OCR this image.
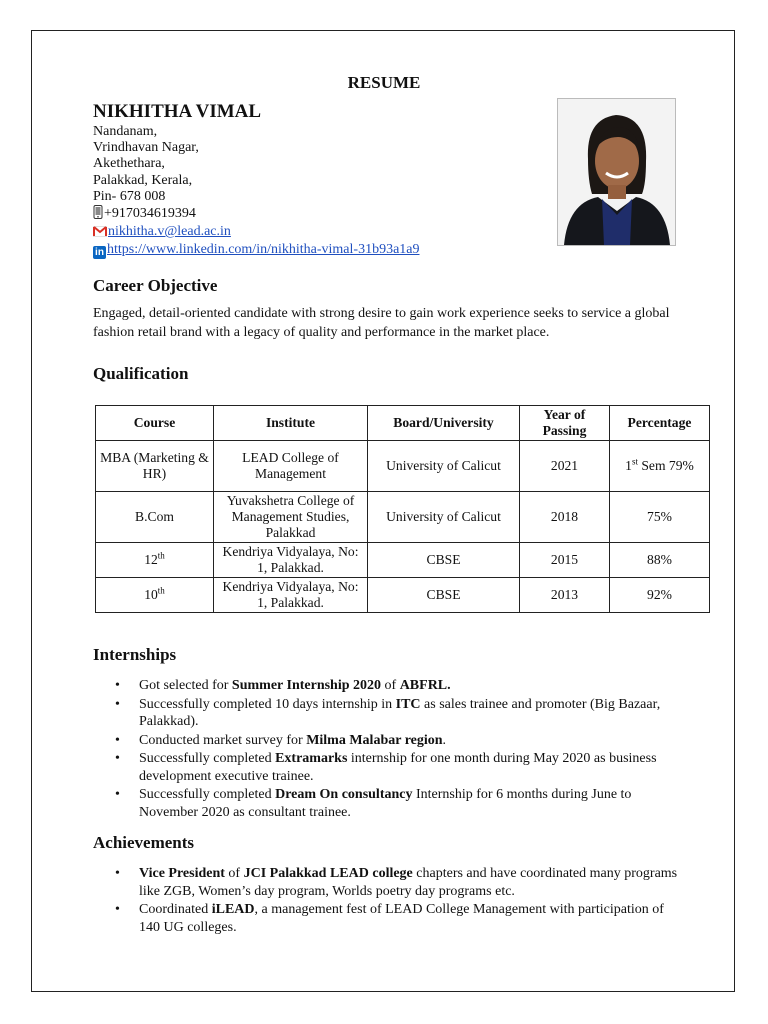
RESUME
NIKHITHA VIMAL
Nandanam,
Vrindhavan Nagar,
Akethethara,
Palakkad, Kerala,
Pin- 678 008
+917034619394
nikhitha.v@lead.ac.in
in https://www.linkedin.com/in/nikhitha-vimal-31b93a1a9
Career Objective
Engaged, detail-oriented candidate with strong desire to gain work experience seeks to service a global fashion retail brand with a legacy of quality and performance in the market place.
Qualification
Course	Institute	Board/University	Year of Passing	Percentage
MBA (Marketing & HR)	LEAD College of Management	University of Calicut	2021	1st Sem 79%
B.Com	Yuvakshetra College of Management Studies, Palakkad	University of Calicut	2018	75%
12th	Kendriya Vidyalaya, No: 1, Palakkad.	CBSE	2015	88%
10th	Kendriya Vidyalaya, No: 1, Palakkad.	CBSE	2013	92%
Internships
• Got selected for Summer Internship 2020 of ABFRL.
• Successfully completed 10 days internship in ITC as sales trainee and promoter (Big Bazaar, Palakkad).
• Conducted market survey for Milma Malabar region.
• Successfully completed Extramarks internship for one month during May 2020 as business development executive trainee.
• Successfully completed Dream On consultancy Internship for 6 months during June to November 2020 as consultant trainee.
Achievements
• Vice President of JCI Palakkad LEAD college chapters and have coordinated many programs like ZGB, Women’s day program, Worlds poetry day programs etc.
• Coordinated iLEAD, a management fest of LEAD College Management with participation of 140 UG colleges.
